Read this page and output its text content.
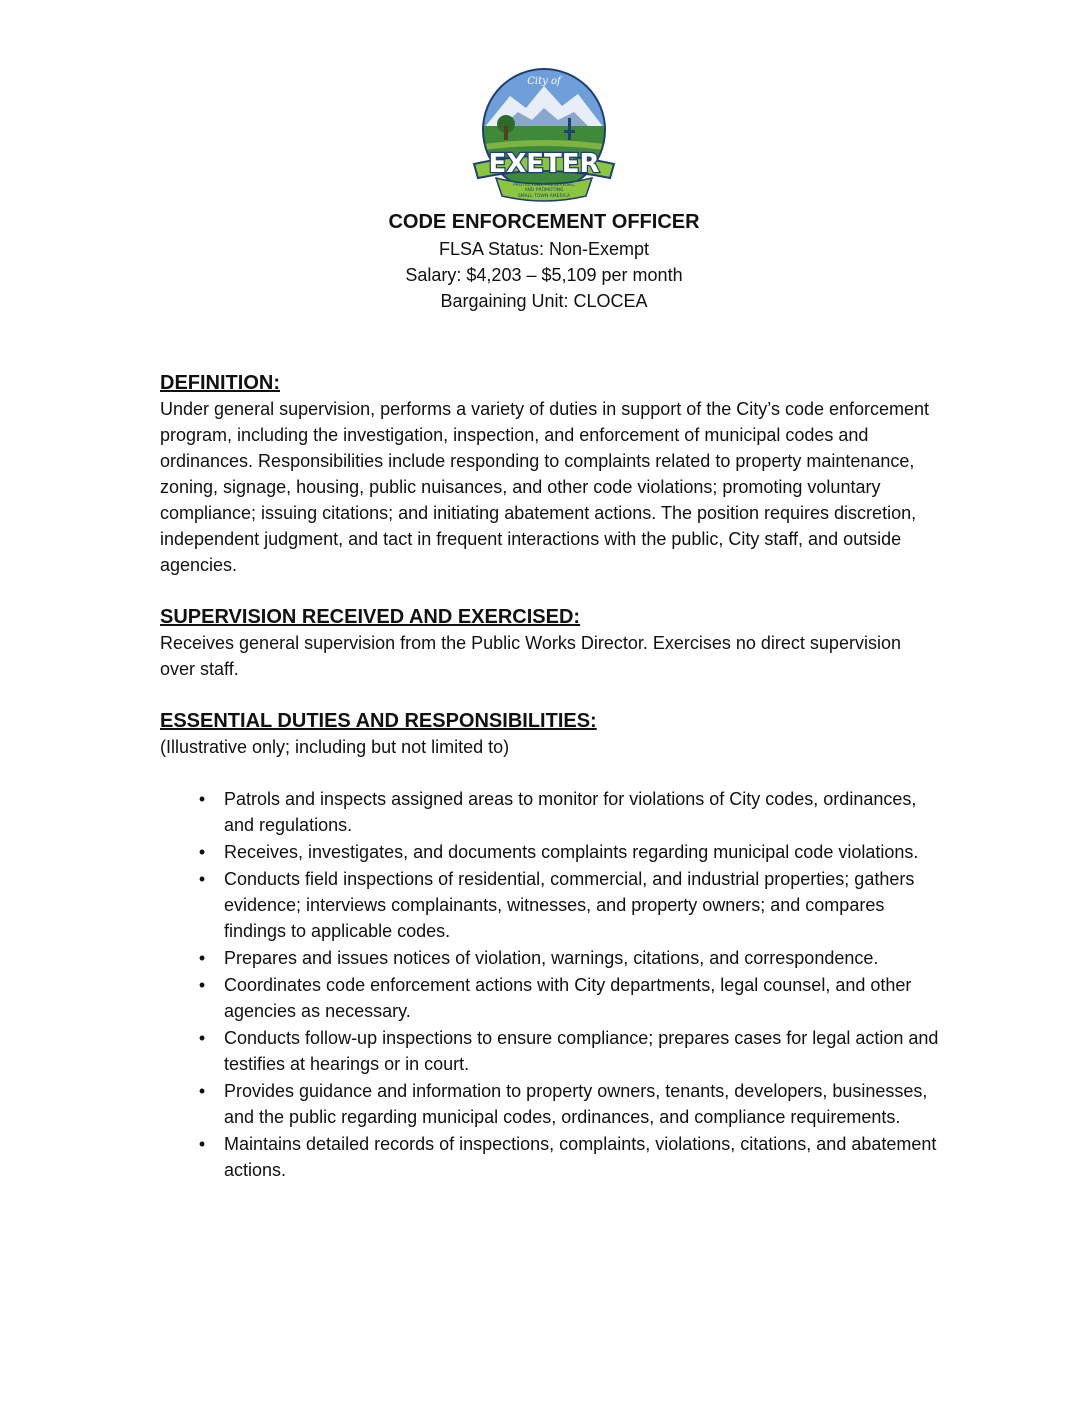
City of
EXETER
PROTECTING, PRESERVING,
AND PROMOTING
SMALL TOWN AMERICA

CODE ENFORCEMENT OFFICER

FLSA Status: Non-Exempt

Salary: $4,203 – $5,109 per month

Bargaining Unit: CLOCEA

DEFINITION:

Under general supervision, performs a variety of duties in support of the City’s code enforcement program, including the investigation, inspection, and enforcement of municipal codes and ordinances. Responsibilities include responding to complaints related to property maintenance, zoning, signage, housing, public nuisances, and other code violations; promoting voluntary compliance; issuing citations; and initiating abatement actions. The position requires discretion, independent judgment, and tact in frequent interactions with the public, City staff, and outside agencies.

SUPERVISION RECEIVED AND EXERCISED:

Receives general supervision from the Public Works Director. Exercises no direct supervision over staff.

ESSENTIAL DUTIES AND RESPONSIBILITIES:

(Illustrative only; including but not limited to)

• Patrols and inspects assigned areas to monitor for violations of City codes, ordinances, and regulations.
• Receives, investigates, and documents complaints regarding municipal code violations.
• Conducts field inspections of residential, commercial, and industrial properties; gathers evidence; interviews complainants, witnesses, and property owners; and compares findings to applicable codes.
• Prepares and issues notices of violation, warnings, citations, and correspondence.
• Coordinates code enforcement actions with City departments, legal counsel, and other agencies as necessary.
• Conducts follow-up inspections to ensure compliance; prepares cases for legal action and testifies at hearings or in court.
• Provides guidance and information to property owners, tenants, developers, businesses, and the public regarding municipal codes, ordinances, and compliance requirements.
• Maintains detailed records of inspections, complaints, violations, citations, and abatement actions.
